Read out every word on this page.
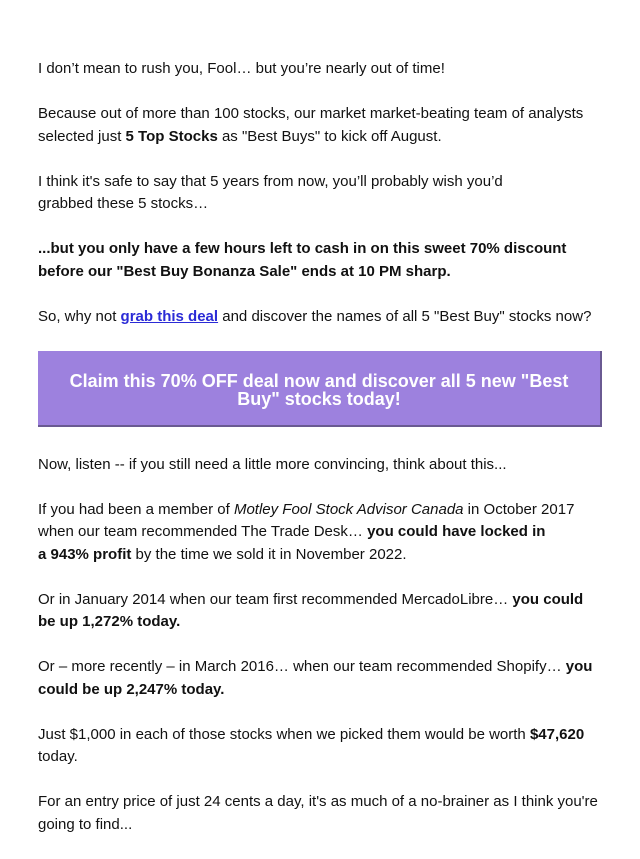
I don’t mean to rush you, Fool… but you’re nearly out of time!

Because out of more than 100 stocks, our market market-beating team of analysts selected just 5 Top Stocks as "Best Buys" to kick off August.

I think it's safe to say that 5 years from now, you’ll probably wish you’d
grabbed these 5 stocks…

...but you only have a few hours left to cash in on this sweet 70% discount before our "Best Buy Bonanza Sale" ends at 10 PM sharp.

So, why not grab this deal and discover the names of all 5 "Best Buy" stocks now?

Claim this 70% OFF deal now and discover all 5 new "Best Buy" stocks today!

Now, listen -- if you still need a little more convincing, think about this...

If you had been a member of Motley Fool Stock Advisor Canada in October 2017 when our team recommended The Trade Desk… you could have locked in
a 943% profit by the time we sold it in November 2022.

Or in January 2014 when our team first recommended MercadoLibre… you could be up 1,272% today.

Or – more recently – in March 2016… when our team recommended Shopify… you could be up 2,247% today.

Just $1,000 in each of those stocks when we picked them would be worth $47,620 today.

For an entry price of just 24 cents a day, it's as much of a no-brainer as I think you're going to find...
